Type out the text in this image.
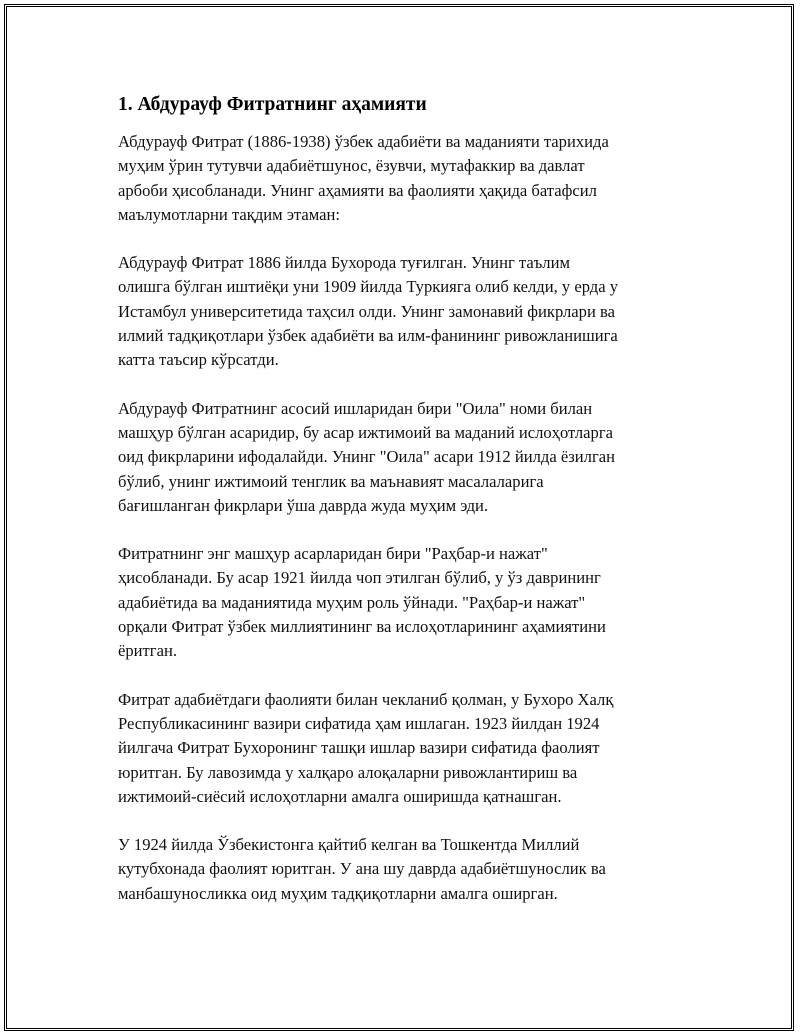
1. Абдурауф Фитратнинг аҳамияти

Абдурауф Фитрат (1886-1938) ўзбек адабиёти ва маданияти тарихида
муҳим ўрин тутувчи адабиётшунос, ёзувчи, мутафаккир ва давлат
арбоби ҳисобланади. Унинг аҳамияти ва фаолияти ҳақида батафсил
маълумотларни тақдим этаман:

Абдурауф Фитрат 1886 йилда Бухорода туғилган. Унинг таълим
олишга бўлган иштиёқи уни 1909 йилда Туркияга олиб келди, у ерда у
Истамбул университетида таҳсил олди. Унинг замонавий фикрлари ва
илмий тадқиқотлари ўзбек адабиёти ва илм-фанининг ривожланишига
катта таъсир кўрсатди.

Абдурауф Фитратнинг асосий ишларидан бири "Оила" номи билан
машҳур бўлган асаридир, бу асар ижтимоий ва маданий ислоҳотларга
оид фикрларини ифодалайди. Унинг "Оила" асари 1912 йилда ёзилган
бўлиб, унинг ижтимоий тенглик ва маънавият масалаларига
бағишланган фикрлари ўша даврда жуда муҳим эди.

Фитратнинг энг машҳур асарларидан бири "Раҳбар-и нажат"
ҳисобланади. Бу асар 1921 йилда чоп этилган бўлиб, у ўз даврининг
адабиётида ва маданиятида муҳим роль ўйнади. "Раҳбар-и нажат"
орқали Фитрат ўзбек миллиятининг ва ислоҳотларининг аҳамиятини
ёритган.

Фитрат адабиётдаги фаолияти билан чекланиб қолман, у Бухоро Халқ
Республикасининг вазири сифатида ҳам ишлаган. 1923 йилдан 1924
йилгача Фитрат Бухоронинг ташқи ишлар вазири сифатида фаолият
юритган. Бу лавозимда у халқаро алоқаларни ривожлантириш ва
ижтимоий-сиёсий ислоҳотларни амалга оширишда қатнашган.

У 1924 йилда Ўзбекистонга қайтиб келган ва Тошкентда Миллий
кутубхонада фаолият юритган. У ана шу даврда адабиётшунослик ва
манбашуносликка оид муҳим тадқиқотларни амалга оширган.
